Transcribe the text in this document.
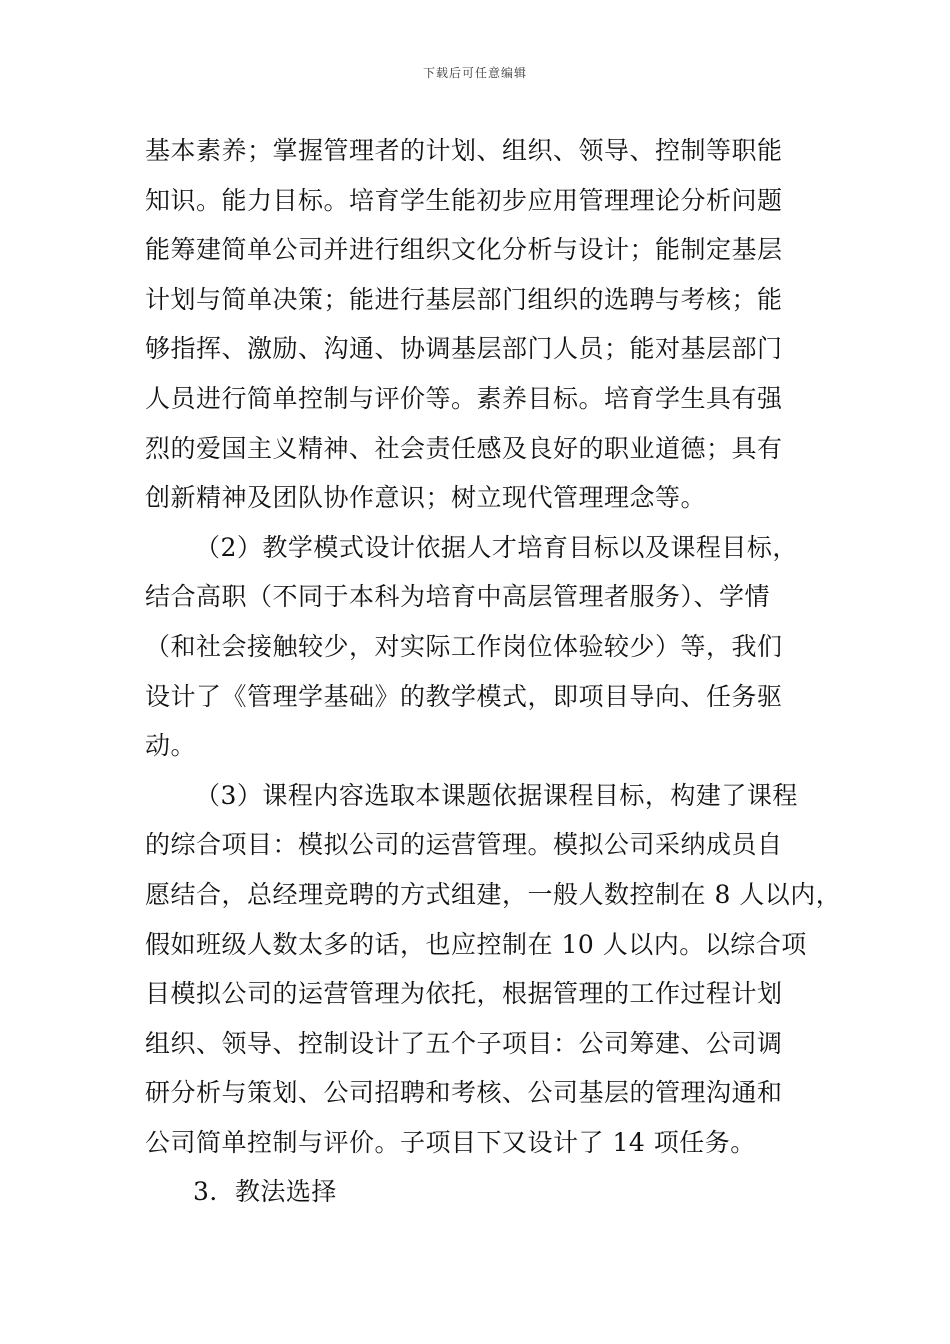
下载后可任意编辑
基本素养；掌握管理者的计划、组织、领导、控制等职能
知识。能力目标。培育学生能初步应用管理理论分析问题
能筹建简单公司并进行组织文化分析与设计；能制定基层
计划与简单决策；能进行基层部门组织的选聘与考核；能
够指挥、激励、沟通、协调基层部门人员；能对基层部门
人员进行简单控制与评价等。素养目标。培育学生具有强
烈的爱国主义精神、社会责任感及良好的职业道德；具有
创新精神及团队协作意识；树立现代管理理念等。
（2）教学模式设计依据人才培育目标以及课程目标，
结合高职（不同于本科为培育中高层管理者服务）、学情
（和社会接触较少，对实际工作岗位体验较少）等，我们
设计了《管理学基础》的教学模式，即项目导向、任务驱
动。
（3）课程内容选取本课题依据课程目标，构建了课程
的综合项目：模拟公司的运营管理。模拟公司采纳成员自
愿结合，总经理竞聘的方式组建，一般人数控制在 8 人以内，
假如班级人数太多的话，也应控制在 10 人以内。以综合项
目模拟公司的运营管理为依托，根据管理的工作过程计划
组织、领导、控制设计了五个子项目：公司筹建、公司调
研分析与策划、公司招聘和考核、公司基层的管理沟通和
公司简单控制与评价。子项目下又设计了 14 项任务。
3．教法选择
